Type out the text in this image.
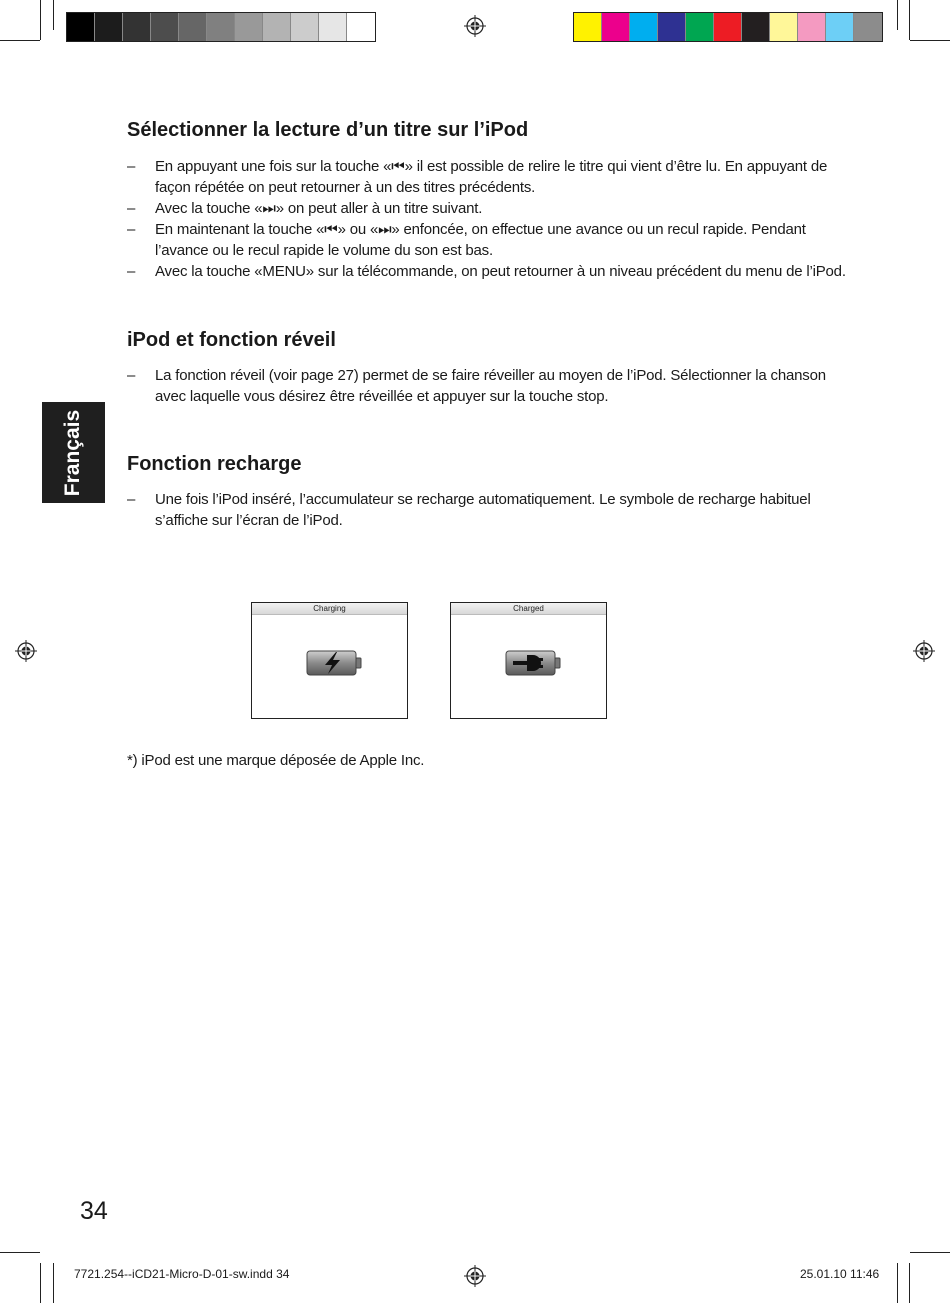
Français
Sélectionner la lecture d’un titre sur l’iPod
– En appuyant une fois sur la touche «⏮» il est possible de relire le titre qui vient d’être lu. En appuyant de façon répétée on peut retourner à un des titres précédents.
– Avec la touche «⏭» on peut aller à un titre suivant.
– En maintenant la touche «⏮» ou «⏭» enfoncée, on effectue une avance ou un recul rapide. Pendant l’avance ou le recul rapide le volume du son est bas.
– Avec la touche «MENU» sur la télécommande, on peut retourner à un niveau précédent du menu de l’iPod.
iPod et fonction réveil
– La fonction réveil (voir page 27) permet de se faire réveiller au moyen de l’iPod. Sélectionner la chanson avec laquelle vous désirez être réveillée et appuyer sur la touche stop.
Fonction recharge
– Une fois l’iPod inséré, l’accumulateur se recharge automatiquement. Le symbole de recharge habituel s’affiche sur l’écran de l’iPod.
Charging	Charged
*) iPod est une marque déposée de Apple Inc.
34
7721.254--iCD21-Micro-D-01-sw.indd 34	25.01.10 11:46
